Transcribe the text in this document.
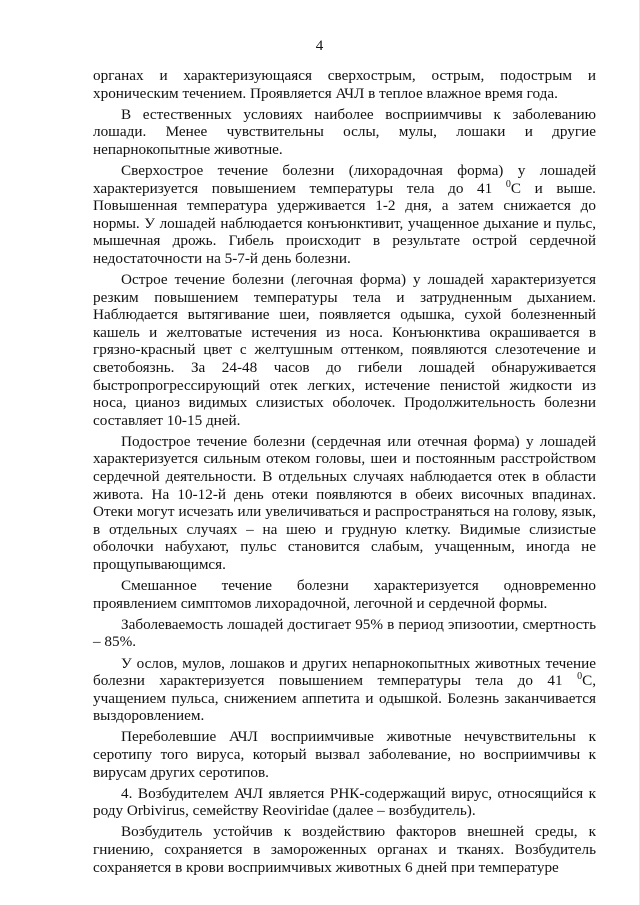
4

органах и характеризующаяся сверхострым, острым, подострым и хроническим течением. Проявляется АЧЛ в теплое влажное время года.

В естественных условиях наиболее восприимчивы к заболеванию лошади. Менее чувствительны ослы, мулы, лошаки и другие непарнокопытные животные.

Сверхострое течение болезни (лихорадочная форма) у лошадей характеризуется повышением температуры тела до 41 $^0$С и выше. Повышенная температура удерживается 1-2 дня, а затем снижается до нормы. У лошадей наблюдается конъюнктивит, учащенное дыхание и пульс, мышечная дрожь. Гибель происходит в результате острой сердечной недостаточности на 5-7-й день болезни.

Острое течение болезни (легочная форма) у лошадей характеризуется резким повышением температуры тела и затрудненным дыханием. Наблюдается вытягивание шеи, появляется одышка, сухой болезненный кашель и желтоватые истечения из носа. Конъюнктива окрашивается в грязно-красный цвет с желтушным оттенком, появляются слезотечение и светобоязнь. За 24-48 часов до гибели лошадей обнаруживается быстропрогрессирующий отек легких, истечение пенистой жидкости из носа, цианоз видимых слизистых оболочек. Продолжительность болезни составляет 10-15 дней.

Подострое течение болезни (сердечная или отечная форма) у лошадей характеризуется сильным отеком головы, шеи и постоянным расстройством сердечной деятельности. В отдельных случаях наблюдается отек в области живота. На 10-12-й день отеки появляются в обеих височных впадинах. Отеки могут исчезать или увеличиваться и распространяться на голову, язык, в отдельных случаях – на шею и грудную клетку. Видимые слизистые оболочки набухают, пульс становится слабым, учащенным, иногда не прощупывающимся.

Смешанное течение болезни характеризуется одновременно проявлением симптомов лихорадочной, легочной и сердечной формы.

Заболеваемость лошадей достигает 95% в период эпизоотии, смертность – 85%.

У ослов, мулов, лошаков и других непарнокопытных животных течение болезни характеризуется повышением температуры тела до 41 $^0$С, учащением пульса, снижением аппетита и одышкой. Болезнь заканчивается выздоровлением.

Переболевшие АЧЛ восприимчивые животные нечувствительны к серотипу того вируса, который вызвал заболевание, но восприимчивы к вирусам других серотипов.

4. Возбудителем АЧЛ является РНК-содержащий вирус, относящийся к роду Orbivirus, семейству Reoviridae (далее – возбудитель).

Возбудитель устойчив к воздействию факторов внешней среды, к гниению, сохраняется в замороженных органах и тканях. Возбудитель сохраняется в крови восприимчивых животных 6 дней при температуре
